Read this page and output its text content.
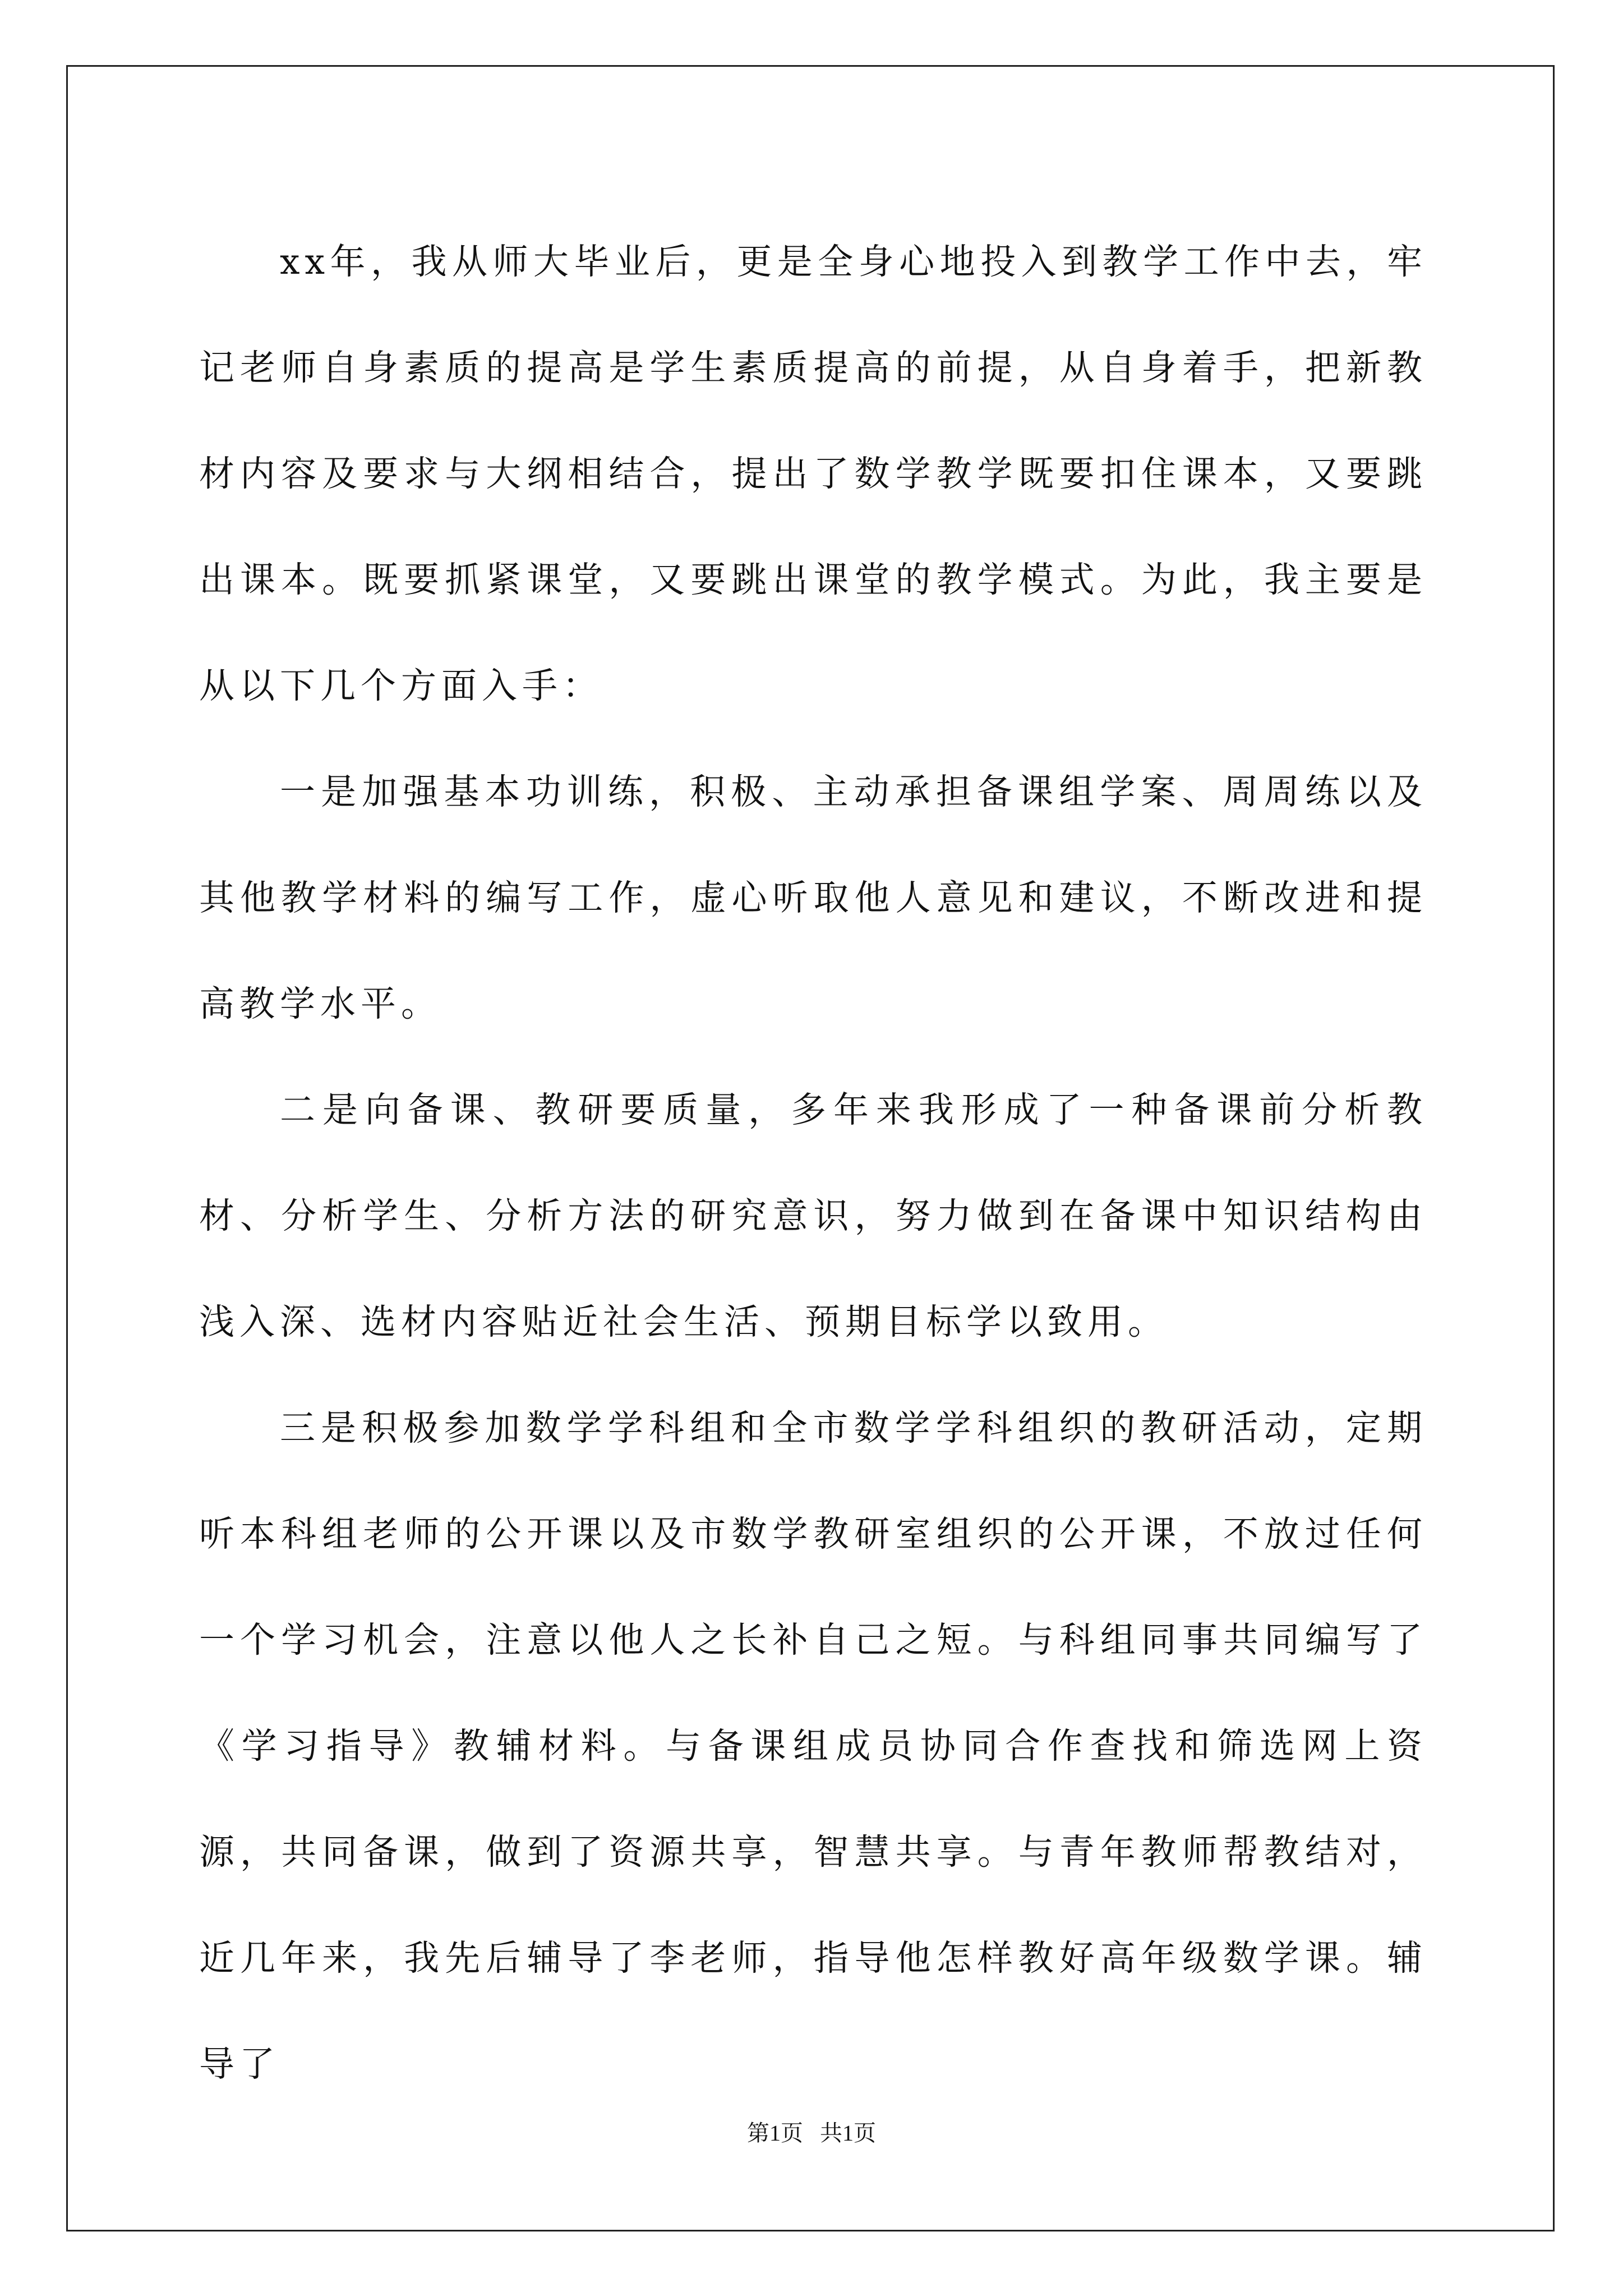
xx年，我从师大毕业后，更是全身心地投入到教学工作中去，牢记老师自身素质的提高是学生素质提高的前提，从自身着手，把新教材内容及要求与大纲相结合，提出了数学教学既要扣住课本，又要跳出课本。既要抓紧课堂，又要跳出课堂的教学模式。为此，我主要是从以下几个方面入手：

一是加强基本功训练，积极、主动承担备课组学案、周周练以及其他教学材料的编写工作，虚心听取他人意见和建议，不断改进和提高教学水平。

二是向备课、教研要质量，多年来我形成了一种备课前分析教材、分析学生、分析方法的研究意识，努力做到在备课中知识结构由浅入深、选材内容贴近社会生活、预期目标学以致用。

三是积极参加数学学科组和全市数学学科组织的教研活动，定期听本科组老师的公开课以及市数学教研室组织的公开课，不放过任何一个学习机会，注意以他人之长补自己之短。与科组同事共同编写了《学习指导》教辅材料。与备课组成员协同合作查找和筛选网上资源，共同备课，做到了资源共享，智慧共享。与青年教师帮教结对，近几年来，我先后辅导了李老师，指导他怎样教好高年级数学课。辅导了

第1页   共1页
